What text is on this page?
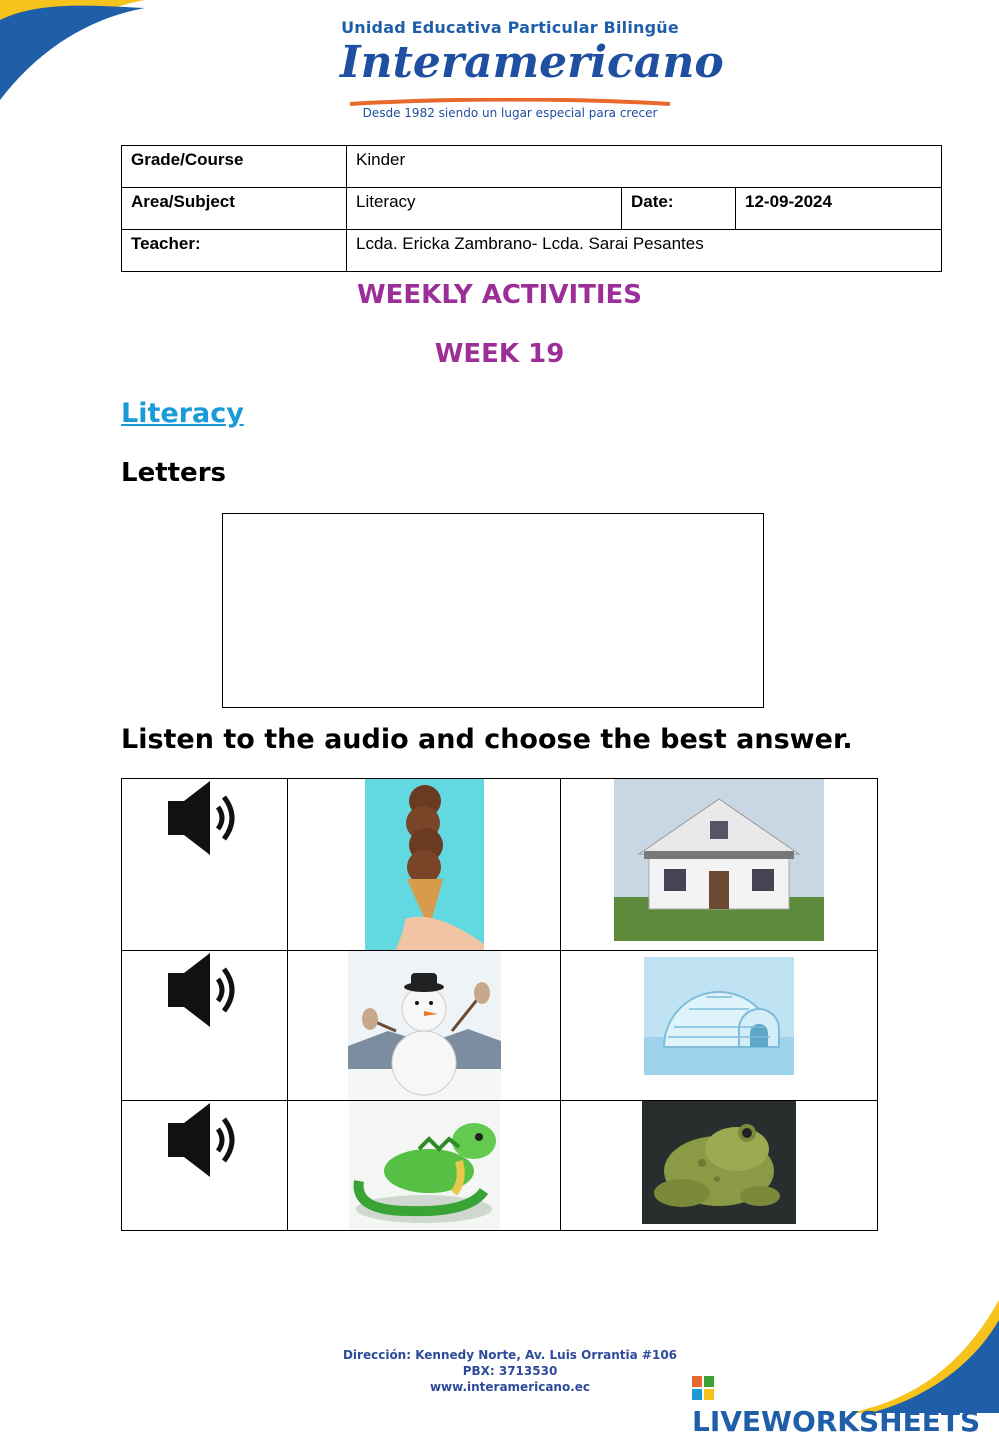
Unidad Educativa Particular Bilingüe
Interamericano
Desde 1982 siendo un lugar especial para crecer
Grade/Course	Kinder		
Area/Subject	Literacy	Date:	12-09-2024
Teacher:	Lcda. Ericka Zambrano- Lcda. Sarai Pesantes		
WEEKLY ACTIVITIES
WEEK 19
Literacy
Letters
Listen to the audio and choose the best answer.
Dirección: Kennedy Norte, Av. Luis Orrantia #106
PBX: 3713530
www.interamericano.ec
LIVEWORKSHEETS
